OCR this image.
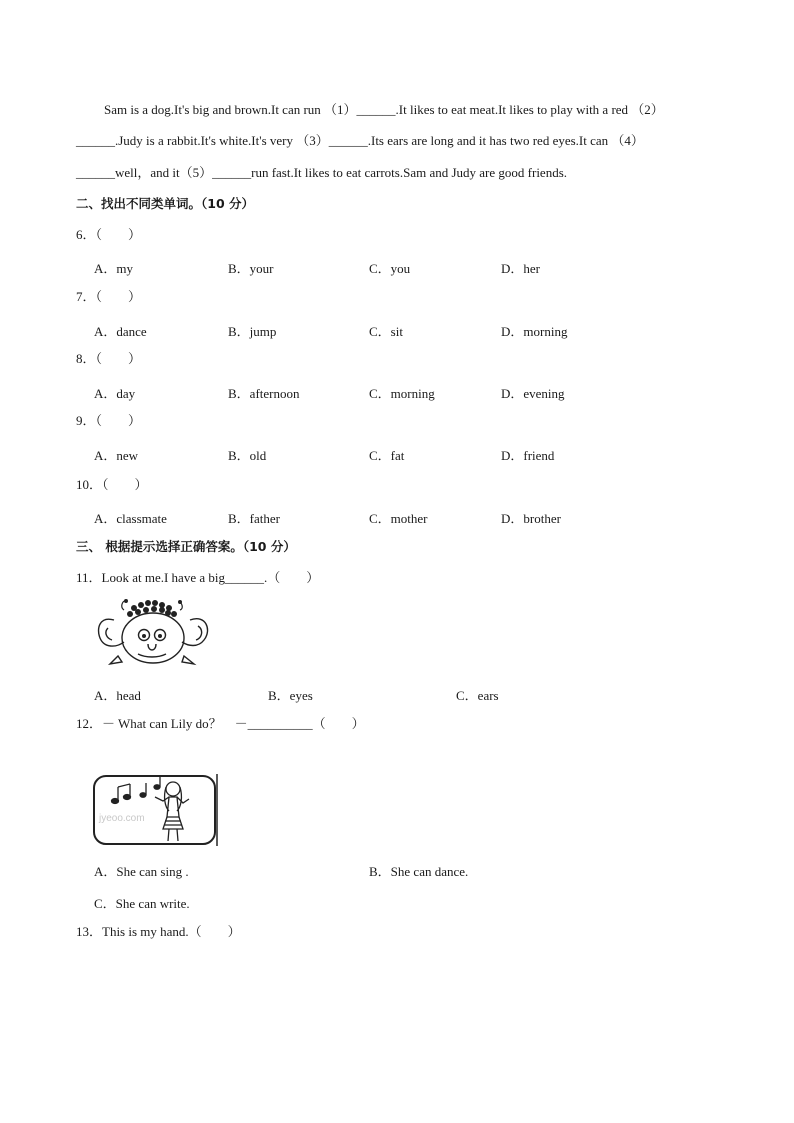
Sam is a dog.It's big and brown.It can run （1）______.It likes to eat meat.It likes to play with a red （2）
______.Judy is a rabbit.It's white.It's very （3）______.Its ears are long and it has two red eyes.It can （4）
______well，and it（5）______run fast.It likes to eat carrots.Sam and Judy are good friends.
二、找出不同类单词。（10 分）
6．（　　）
A．my	B．your	C．you	D．her
7．（　　）
A．dance	B．jump	C．sit	D．morning
8．（　　）
A．day	B．afternoon	C．morning	D．evening
9．（　　）
A．new	B．old	C．fat	D．friend
10．（　　）
A．classmate	B．father	C．mother	D．brother
三、 根据提示选择正确答案。（10 分）
11．Look at me.I have a big______.（　　）
A．head	B．eyes	C．ears
12．－ What can Lily do？　－__________（　　）
jyeoo.com
A．She can sing .	B．She can dance.
C．She can write.
13．This is my hand.（　　）
